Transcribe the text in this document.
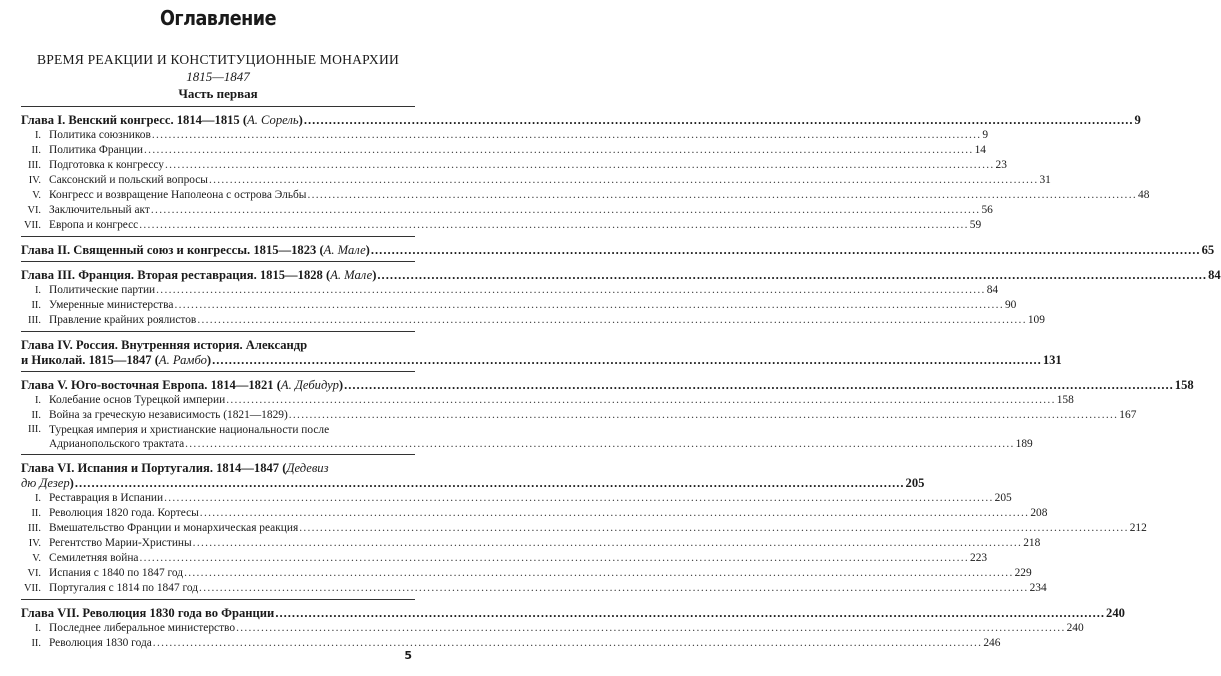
Оглавление
ВРЕМЯ РЕАКЦИИ И КОНСТИТУЦИОННЫЕ МОНАРХИИ
1815—1847
Часть первая
Глава I. Венский конгресс. 1814—1815 (А. Сорель) ........................................................................................................................................................................................................ 9
I. Политика союзников ........................................................................................................................................................................................................ 9
II. Политика Франции ........................................................................................................................................................................................................ 14
III. Подготовка к конгрессу ........................................................................................................................................................................................................ 23
IV. Саксонский и польский вопросы ........................................................................................................................................................................................................ 31
V. Конгресс и возвращение Наполеона с острова Эльбы ........................................................................................................................................................................................................ 48
VI. Заключительный акт ........................................................................................................................................................................................................ 56
VII. Европа и конгресс ........................................................................................................................................................................................................ 59
Глава II. Священный союз и конгрессы. 1815—1823 (А. Мале) ........................................................................................................................................................................................................ 65
Глава III. Франция. Вторая реставрация. 1815—1828 (А. Мале) ........................................................................................................................................................................................................ 84
I. Политические партии ........................................................................................................................................................................................................ 84
II. Умеренные министерства ........................................................................................................................................................................................................ 90
III. Правление крайних роялистов ........................................................................................................................................................................................................ 109
Глава IV. Россия. Внутренняя история. Александр
и Николай. 1815—1847 (А. Рамбо) ........................................................................................................................................................................................................ 131
Глава V. Юго-восточная Европа. 1814—1821 (А. Дебидур) ........................................................................................................................................................................................................ 158
I. Колебание основ Турецкой империи ........................................................................................................................................................................................................ 158
II. Война за греческую независимость (1821—1829) ........................................................................................................................................................................................................ 167
III. Турецкая империя и христианские национальности после
Адрианопольского трактата ........................................................................................................................................................................................................ 189
Глава VI. Испания и Португалия. 1814—1847 (Дедевиз
дю Дезер) ........................................................................................................................................................................................................ 205
I. Реставрация в Испании ........................................................................................................................................................................................................ 205
II. Революция 1820 года. Кортесы ........................................................................................................................................................................................................ 208
III. Вмешательство Франции и монархическая реакция ........................................................................................................................................................................................................ 212
IV. Регентство Марии-Христины ........................................................................................................................................................................................................ 218
V. Семилетняя война ........................................................................................................................................................................................................ 223
VI. Испания с 1840 по 1847 год ........................................................................................................................................................................................................ 229
VII. Португалия с 1814 по 1847 год ........................................................................................................................................................................................................ 234
Глава VII. Революция 1830 года во Франции ........................................................................................................................................................................................................ 240
I. Последнее либеральное министерство ........................................................................................................................................................................................................ 240
II. Революция 1830 года ........................................................................................................................................................................................................ 246
5
